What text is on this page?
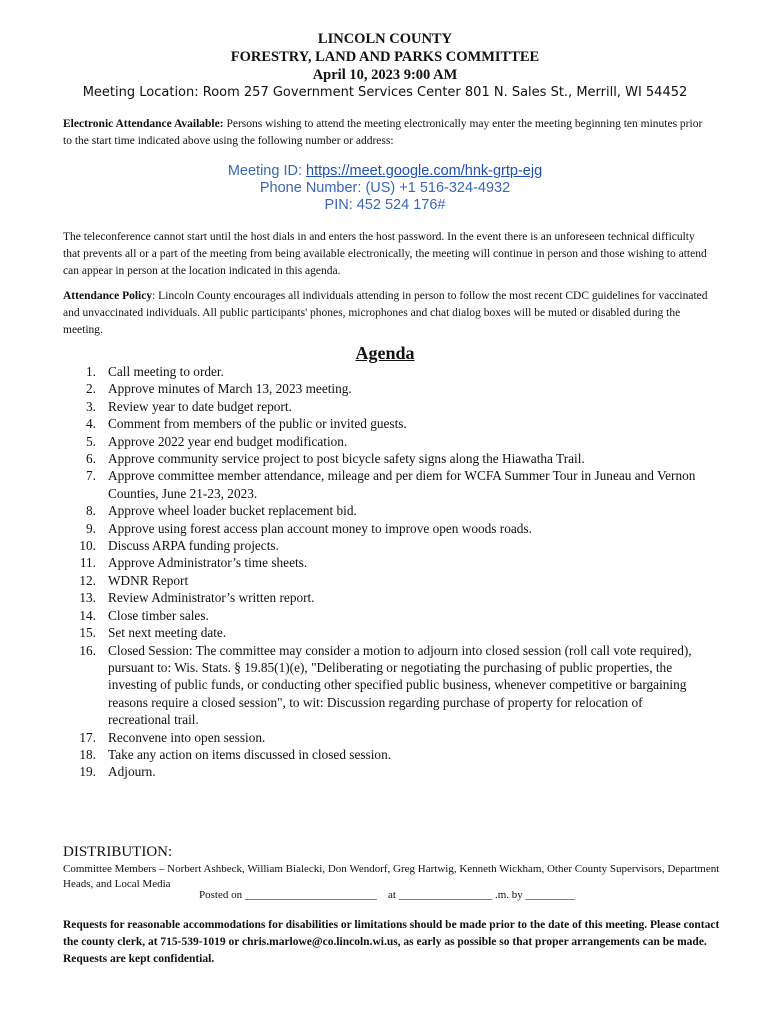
LINCOLN COUNTY
FORESTRY, LAND AND PARKS COMMITTEE
April 10, 2023 9:00 AM
Meeting Location: Room 257 Government Services Center 801 N. Sales St., Merrill, WI 54452
Electronic Attendance Available: Persons wishing to attend the meeting electronically may enter the meeting beginning ten minutes prior to the start time indicated above using the following number or address:
Meeting ID: https://meet.google.com/hnk-grtp-ejg
Phone Number: (US) +1 516-324-4932
PIN: 452 524 176#
The teleconference cannot start until the host dials in and enters the host password. In the event there is an unforeseen technical difficulty that prevents all or a part of the meeting from being available electronically, the meeting will continue in person and those wishing to attend can appear in person at the location indicated in this agenda.
Attendance Policy: Lincoln County encourages all individuals attending in person to follow the most recent CDC guidelines for vaccinated and unvaccinated individuals. All public participants' phones, microphones and chat dialog boxes will be muted or disabled during the meeting.
Agenda
1. Call meeting to order.
2. Approve minutes of March 13, 2023 meeting.
3. Review year to date budget report.
4. Comment from members of the public or invited guests.
5. Approve 2022 year end budget modification.
6. Approve community service project to post bicycle safety signs along the Hiawatha Trail.
7. Approve committee member attendance, mileage and per diem for WCFA Summer Tour in Juneau and Vernon Counties, June 21-23, 2023.
8. Approve wheel loader bucket replacement bid.
9. Approve using forest access plan account money to improve open woods roads.
10. Discuss ARPA funding projects.
11. Approve Administrator’s time sheets.
12. WDNR Report
13. Review Administrator’s written report.
14. Close timber sales.
15. Set next meeting date.
16. Closed Session: The committee may consider a motion to adjourn into closed session (roll call vote required), pursuant to: Wis. Stats. § 19.85(1)(e), "Deliberating or negotiating the purchasing of public properties, the investing of public funds, or conducting other specified public business, whenever competitive or bargaining reasons require a closed session", to wit: Discussion regarding purchase of property for relocation of recreational trail.
17. Reconvene into open session.
18. Take any action on items discussed in closed session.
19. Adjourn.
DISTRIBUTION:
Committee Members – Norbert Ashbeck, William Bialecki, Don Wendorf, Greg Hartwig, Kenneth Wickham, Other County Supervisors, Department Heads, and Local Media
Posted on ________________________ at _________________ .m. by _________
Requests for reasonable accommodations for disabilities or limitations should be made prior to the date of this meeting. Please contact the county clerk, at 715-539-1019 or chris.marlowe@co.lincoln.wi.us, as early as possible so that proper arrangements can be made. Requests are kept confidential.
